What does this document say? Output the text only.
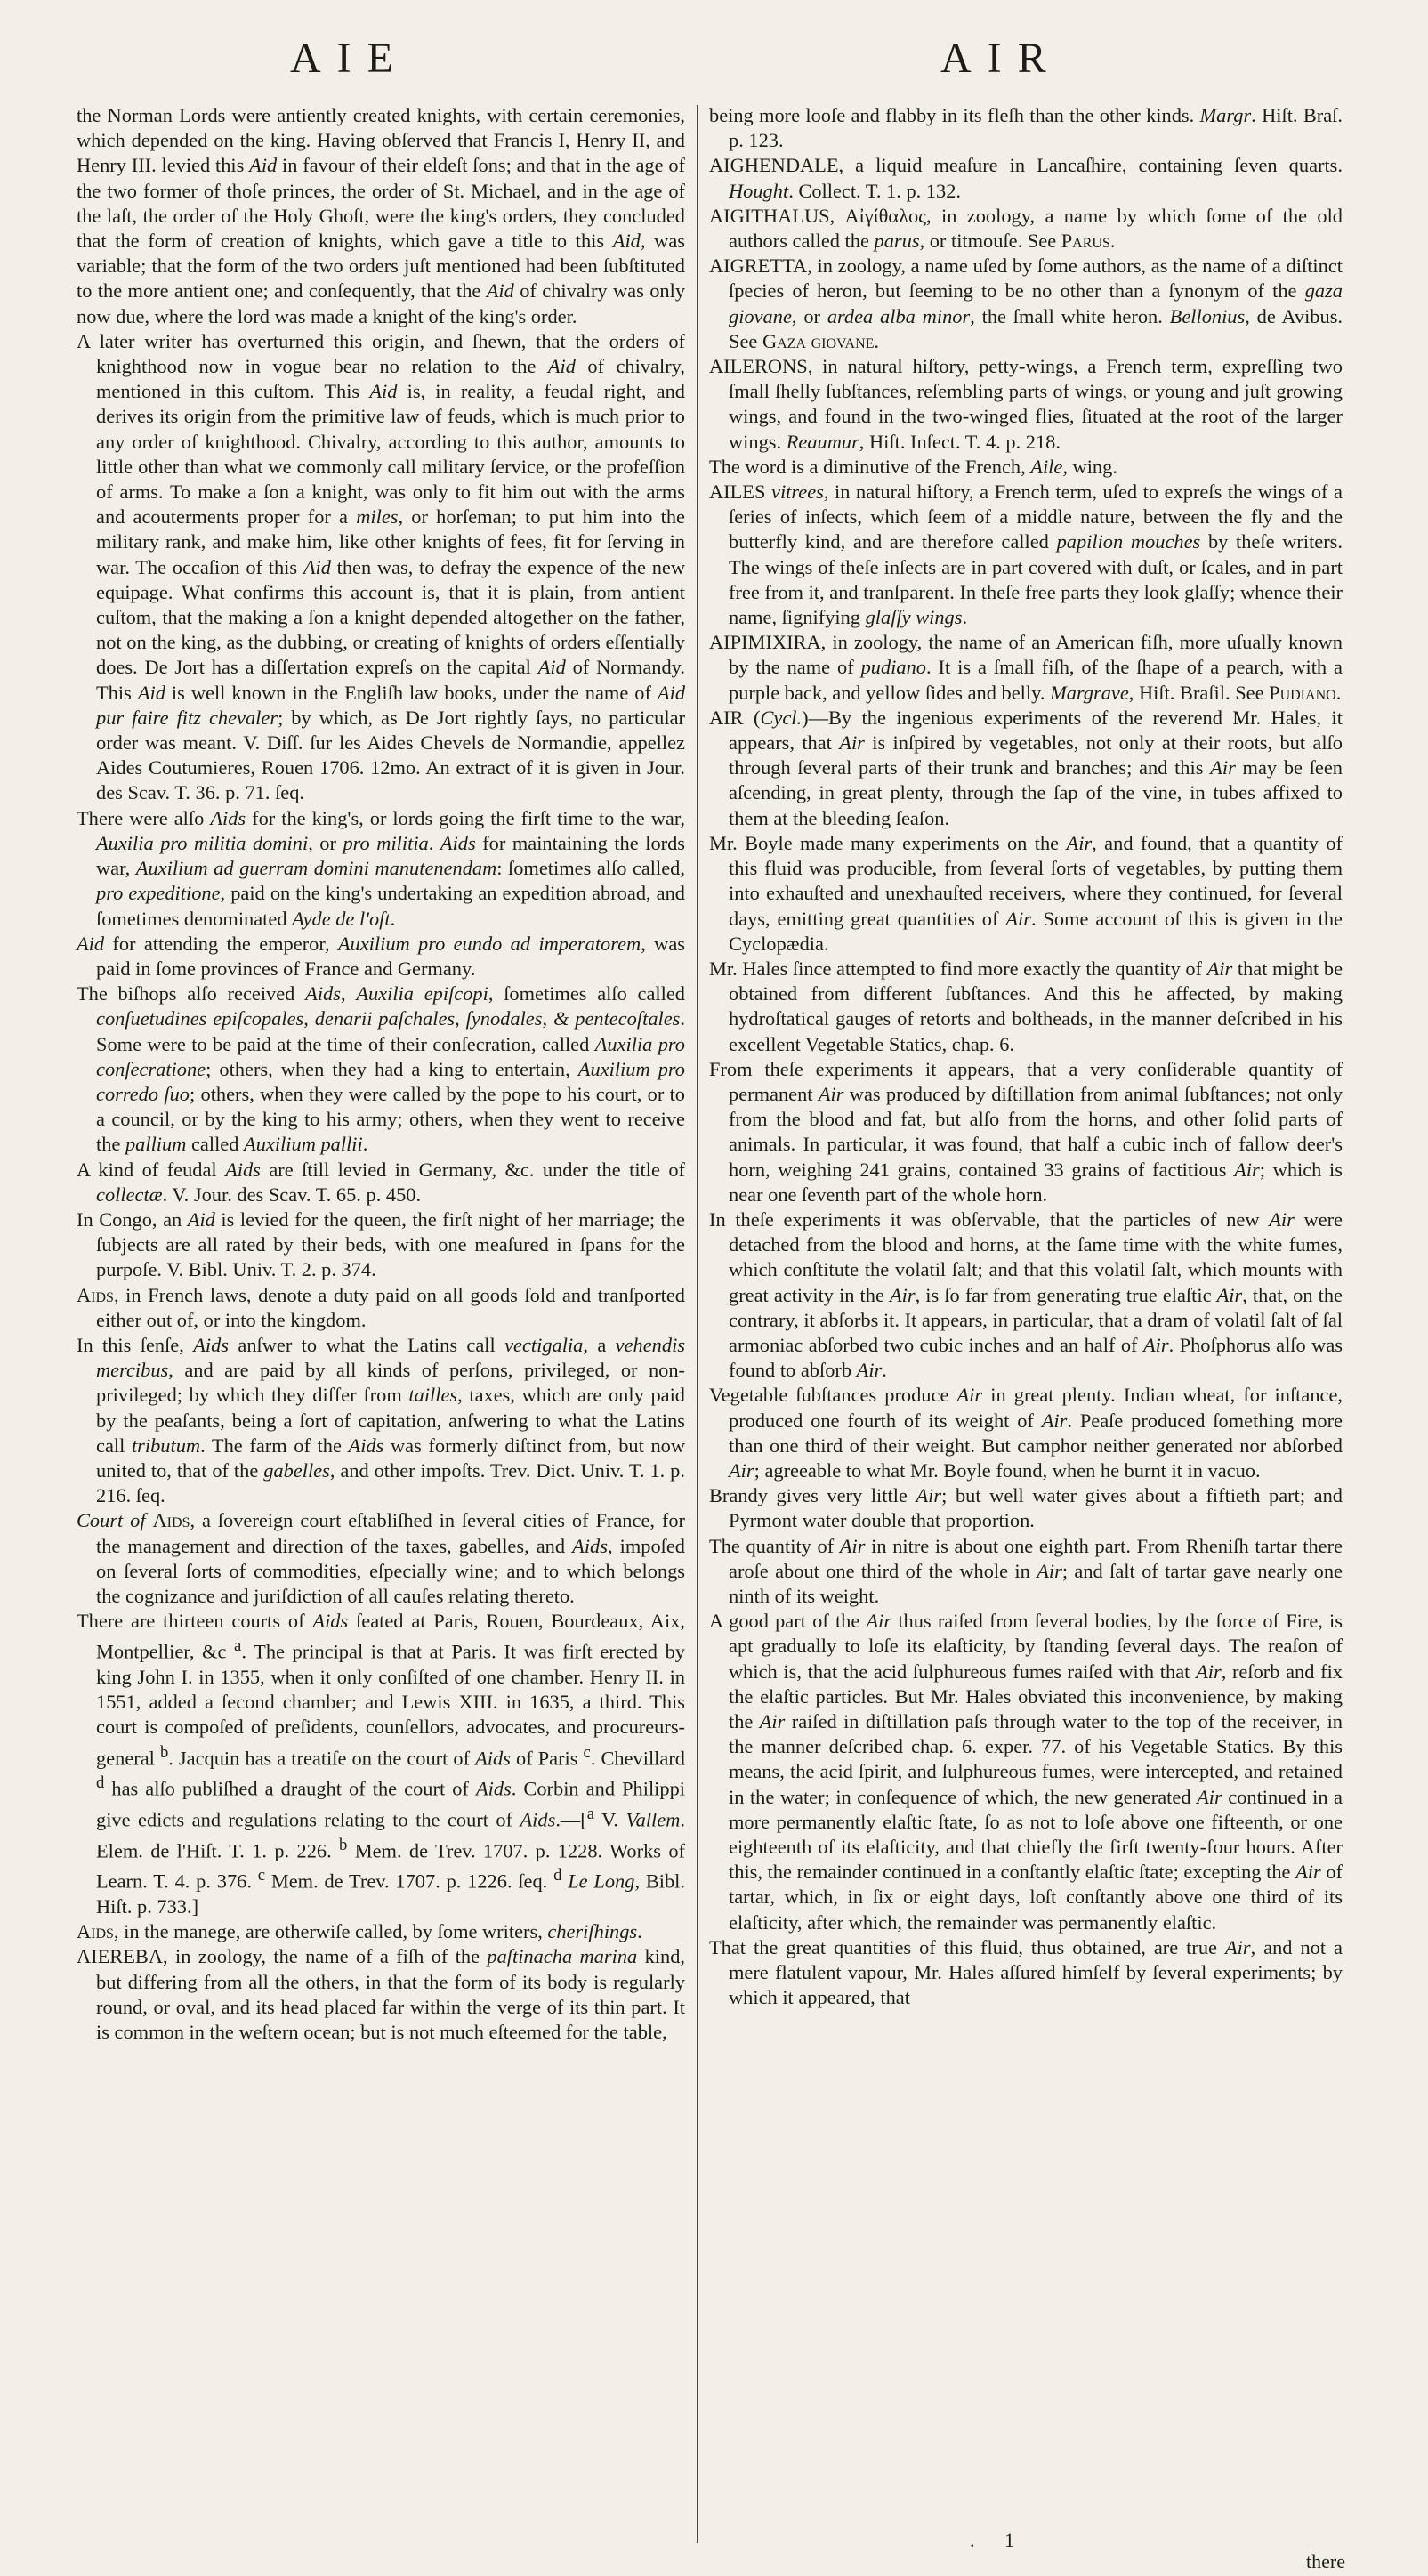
AIE	AIR

the Norman Lords were antiently created knights, with certain ceremonies, which depended on the king. Having obſerved that Francis I, Henry II, and Henry III. levied this Aid in favour of their eldeſt ſons; and that in the age of the two former of thoſe princes, the order of St. Michael, and in the age of the laſt, the order of the Holy Ghoſt, were the king's orders, they concluded that the form of creation of knights, which gave a title to this Aid, was variable; that the form of the two orders juſt mentioned had been ſubſtituted to the more antient one; and conſequently, that the Aid of chivalry was only now due, where the lord was made a knight of the king's order.

A later writer has overturned this origin, and ſhewn, that the orders of knighthood now in vogue bear no relation to the Aid of chivalry, mentioned in this cuſtom. This Aid is, in reality, a feudal right, and derives its origin from the primitive law of feuds, which is much prior to any order of knighthood. Chivalry, according to this author, amounts to little other than what we commonly call military ſervice, or the profeſſion of arms. To make a ſon a knight, was only to fit him out with the arms and acouterments proper for a miles, or horſeman; to put him into the military rank, and make him, like other knights of fees, fit for ſerving in war. The occaſion of this Aid then was, to defray the expence of the new equipage. What confirms this account is, that it is plain, from antient cuſtom, that the making a ſon a knight depended altogether on the father, not on the king, as the dubbing, or creating of knights of orders eſſentially does. De Jort has a diſſertation expreſs on the capital Aid of Normandy. This Aid is well known in the Engliſh law books, under the name of Aid pur faire fitz chevaler; by which, as De Jort rightly ſays, no particular order was meant. V. Diſſ. ſur les Aides Chevels de Normandie, appellez Aides Coutumieres, Rouen 1706. 12mo. An extract of it is given in Jour. des Scav. T. 36. p. 71. ſeq.

There were alſo Aids for the king's, or lords going the firſt time to the war, Auxilia pro militia domini, or pro militia. Aids for maintaining the lords war, Auxilium ad guerram domini manutenendam: ſometimes alſo called, pro expeditione, paid on the king's undertaking an expedition abroad, and ſometimes denominated Ayde de l'oſt.

Aid for attending the emperor, Auxilium pro eundo ad imperatorem, was paid in ſome provinces of France and Germany.

The biſhops alſo received Aids, Auxilia epiſcopi, ſometimes alſo called conſuetudines epiſcopales, denarii paſchales, ſynodales, & pentecoſtales. Some were to be paid at the time of their conſecration, called Auxilia pro conſecratione; others, when they had a king to entertain, Auxilium pro corredo ſuo; others, when they were called by the pope to his court, or to a council, or by the king to his army; others, when they went to receive the pallium called Auxilium pallii.

A kind of feudal Aids are ſtill levied in Germany, &c. under the title of collectæ. V. Jour. des Scav. T. 65. p. 450.

In Congo, an Aid is levied for the queen, the firſt night of her marriage; the ſubjects are all rated by their beds, with one meaſured in ſpans for the purpoſe. V. Bibl. Univ. T. 2. p. 374.

Aids, in French laws, denote a duty paid on all goods ſold and tranſported either out of, or into the kingdom.

In this ſenſe, Aids anſwer to what the Latins call vectigalia, a vehendis mercibus, and are paid by all kinds of perſons, privileged, or non-privileged; by which they differ from tailles, taxes, which are only paid by the peaſants, being a ſort of capitation, anſwering to what the Latins call tributum. The farm of the Aids was formerly diſtinct from, but now united to, that of the gabelles, and other impoſts. Trev. Dict. Univ. T. 1. p. 216. ſeq.

Court of Aids, a ſovereign court eſtabliſhed in ſeveral cities of France, for the management and direction of the taxes, gabelles, and Aids, impoſed on ſeveral ſorts of commodities, eſpecially wine; and to which belongs the cognizance and juriſdiction of all cauſes relating thereto.

There are thirteen courts of Aids ſeated at Paris, Rouen, Bourdeaux, Aix, Montpellier, &c $^a$. The principal is that at Paris. It was firſt erected by king John I. in 1355, when it only conſiſted of one chamber. Henry II. in 1551, added a ſecond chamber; and Lewis XIII. in 1635, a third. This court is compoſed of preſidents, counſellors, advocates, and procureurs-general $^b$. Jacquin has a treatiſe on the court of Aids of Paris $^c$. Chevillard $^d$ has alſo publiſhed a draught of the court of Aids. Corbin and Philippi give edicts and regulations relating to the court of Aids.—[$^a$ V. Vallem. Elem. de l'Hiſt. T. 1. p. 226. $^b$ Mem. de Trev. 1707. p. 1228. Works of Learn. T. 4. p. 376. $^c$ Mem. de Trev. 1707. p. 1226. ſeq. $^d$ Le Long, Bibl. Hiſt. p. 733.]

Aids, in the manege, are otherwiſe called, by ſome writers, cheriſhings.

AIEREBA, in zoology, the name of a fiſh of the paſtinacha marina kind, but differing from all the others, in that the form of its body is regularly round, or oval, and its head placed far within the verge of its thin part. It is common in the weſtern ocean; but is not much eſteemed for the table,

being more looſe and flabby in its fleſh than the other kinds. Margr. Hiſt. Braſ. p. 123.

AIGHENDALE, a liquid meaſure in Lancaſhire, containing ſeven quarts. Hought. Collect. T. 1. p. 132.

AIGITHALUS, Αἰγίθαλος, in zoology, a name by which ſome of the old authors called the parus, or titmouſe. See Parus.

AIGRETTA, in zoology, a name uſed by ſome authors, as the name of a diſtinct ſpecies of heron, but ſeeming to be no other than a ſynonym of the gaza giovane, or ardea alba minor, the ſmall white heron. Bellonius, de Avibus. See Gaza giovane.

AILERONS, in natural hiſtory, petty-wings, a French term, expreſſing two ſmall ſhelly ſubſtances, reſembling parts of wings, or young and juſt growing wings, and found in the two-winged flies, ſituated at the root of the larger wings. Reaumur, Hiſt. Inſect. T. 4. p. 218.

The word is a diminutive of the French, Aile, wing.

AILES vitrees, in natural hiſtory, a French term, uſed to expreſs the wings of a ſeries of inſects, which ſeem of a middle nature, between the fly and the butterfly kind, and are therefore called papilion mouches by theſe writers. The wings of theſe inſects are in part covered with duſt, or ſcales, and in part free from it, and tranſparent. In theſe free parts they look glaſſy; whence their name, ſignifying glaſſy wings.

AIPIMIXIRA, in zoology, the name of an American fiſh, more uſually known by the name of pudiano. It is a ſmall fiſh, of the ſhape of a pearch, with a purple back, and yellow ſides and belly. Margrave, Hiſt. Braſil. See Pudiano.

AIR (Cycl.)—By the ingenious experiments of the reverend Mr. Hales, it appears, that Air is inſpired by vegetables, not only at their roots, but alſo through ſeveral parts of their trunk and branches; and this Air may be ſeen aſcending, in great plenty, through the ſap of the vine, in tubes affixed to them at the bleeding ſeaſon.

Mr. Boyle made many experiments on the Air, and found, that a quantity of this fluid was producible, from ſeveral ſorts of vegetables, by putting them into exhauſted and unexhauſted receivers, where they continued, for ſeveral days, emitting great quantities of Air. Some account of this is given in the Cyclopædia.

Mr. Hales ſince attempted to find more exactly the quantity of Air that might be obtained from different ſubſtances. And this he affected, by making hydroſtatical gauges of retorts and boltheads, in the manner deſcribed in his excellent Vegetable Statics, chap. 6.

From theſe experiments it appears, that a very conſiderable quantity of permanent Air was produced by diſtillation from animal ſubſtances; not only from the blood and fat, but alſo from the horns, and other ſolid parts of animals. In particular, it was found, that half a cubic inch of fallow deer's horn, weighing 241 grains, contained 33 grains of factitious Air; which is near one ſeventh part of the whole horn.

In theſe experiments it was obſervable, that the particles of new Air were detached from the blood and horns, at the ſame time with the white fumes, which conſtitute the volatil ſalt; and that this volatil ſalt, which mounts with great activity in the Air, is ſo far from generating true elaſtic Air, that, on the contrary, it abſorbs it. It appears, in particular, that a dram of volatil ſalt of ſal armoniac abſorbed two cubic inches and an half of Air. Phoſphorus alſo was found to abſorb Air.

Vegetable ſubſtances produce Air in great plenty. Indian wheat, for inſtance, produced one fourth of its weight of Air. Peaſe produced ſomething more than one third of their weight. But camphor neither generated nor abſorbed Air; agreeable to what Mr. Boyle found, when he burnt it in vacuo.

Brandy gives very little Air; but well water gives about a fiftieth part; and Pyrmont water double that proportion.

The quantity of Air in nitre is about one eighth part. From Rheniſh tartar there aroſe about one third of the whole in Air; and ſalt of tartar gave nearly one ninth of its weight.

A good part of the Air thus raiſed from ſeveral bodies, by the force of Fire, is apt gradually to loſe its elaſticity, by ſtanding ſeveral days. The reaſon of which is, that the acid ſulphureous fumes raiſed with that Air, reſorb and fix the elaſtic particles. But Mr. Hales obviated this inconvenience, by making the Air raiſed in diſtillation paſs through water to the top of the receiver, in the manner deſcribed chap. 6. exper. 77. of his Vegetable Statics. By this means, the acid ſpirit, and ſulphureous fumes, were intercepted, and retained in the water; in conſequence of which, the new generated Air continued in a more permanently elaſtic ſtate, ſo as not to loſe above one fifteenth, or one eighteenth of its elaſticity, and that chiefly the firſt twenty-four hours. After this, the remainder continued in a conſtantly elaſtic ſtate; excepting the Air of tartar, which, in ſix or eight days, loſt conſtantly above one third of its elaſticity, after which, the remainder was permanently elaſtic.

That the great quantities of this fluid, thus obtained, are true Air, and not a mere flatulent vapour, Mr. Hales aſſured himſelf by ſeveral experiments; by which it appeared, that

. 1
there
